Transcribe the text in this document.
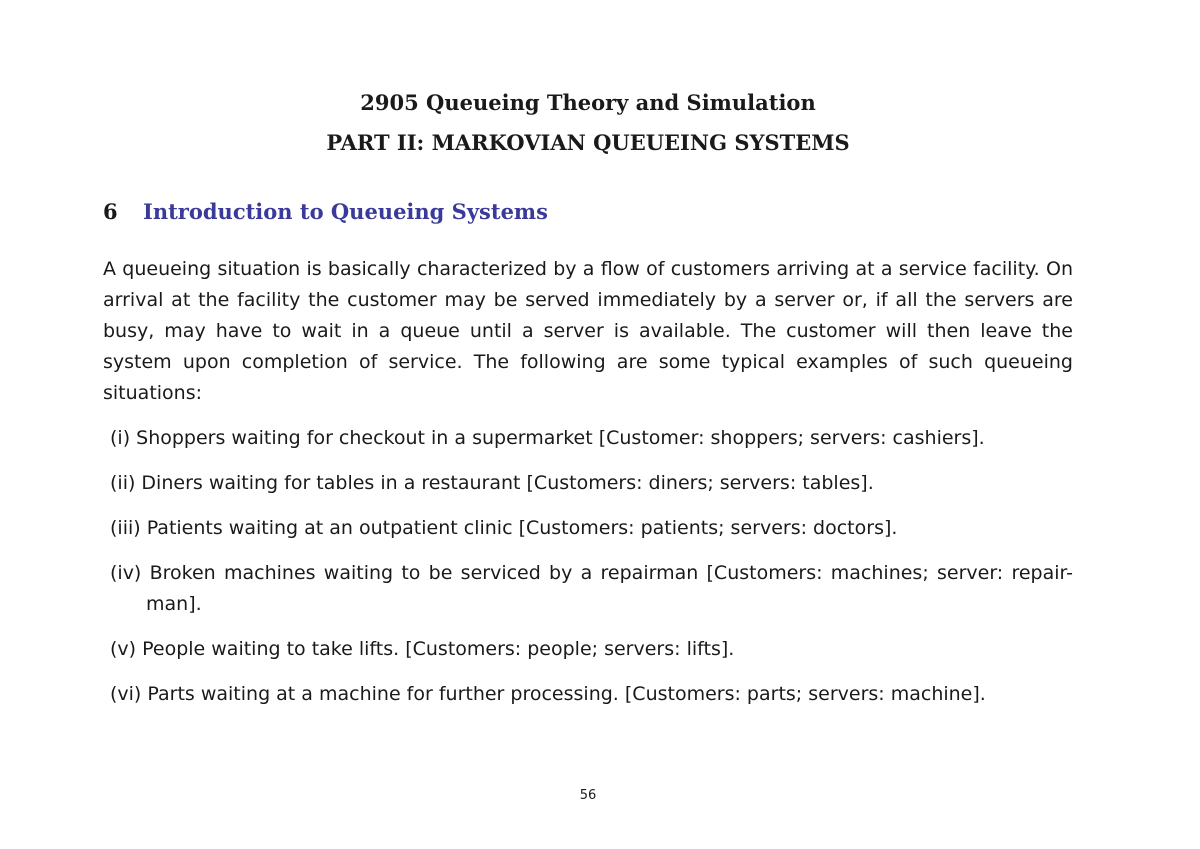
2905 Queueing Theory and Simulation
PART II: MARKOVIAN QUEUEING SYSTEMS
6 Introduction to Queueing Systems

A queueing situation is basically characterized by a flow of customers arriving at a service facility. On arrival at the facility the customer may be served immediately by a server or, if all the servers are busy, may have to wait in a queue until a server is available. The customer will then leave the system upon completion of service. The following are some typical examples of such queueing situations:

(i) Shoppers waiting for checkout in a supermarket [Customer: shoppers; servers: cashiers].
(ii) Diners waiting for tables in a restaurant [Customers: diners; servers: tables].
(iii) Patients waiting at an outpatient clinic [Customers: patients; servers: doctors].
(iv) Broken machines waiting to be serviced by a repairman [Customers: machines; server: repair-man].
(v) People waiting to take lifts. [Customers: people; servers: lifts].
(vi) Parts waiting at a machine for further processing. [Customers: parts; servers: machine].
56
